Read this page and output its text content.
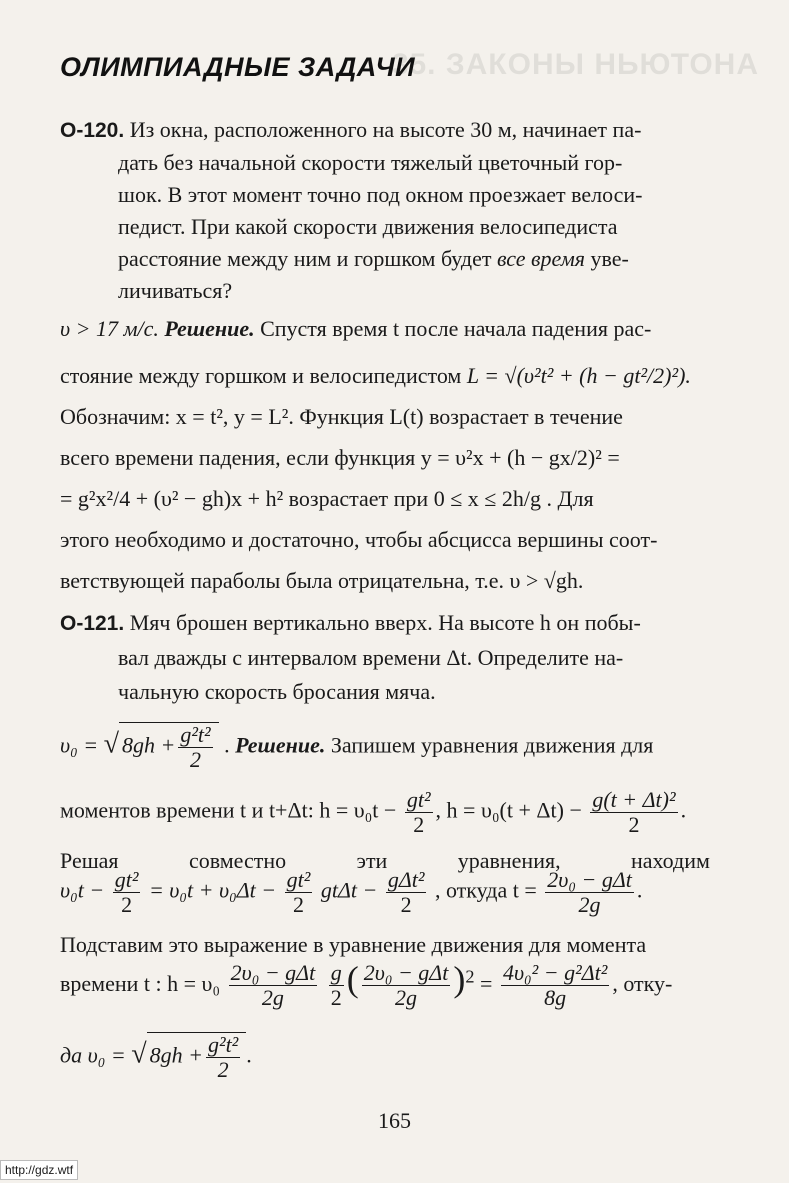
35. ЗАКОНЫ НЬЮТОНА
ОЛИМПИАДНЫЕ ЗАДАЧИ
О-120. Из окна, расположенного на высоте 30 м, начинает па-
дать без начальной скорости тяжелый цветочный гор-
шок. В этот момент точно под окном проезжает велоси-
педист. При какой скорости движения велосипедиста
расстояние между ним и горшком будет все время уве-
личиваться?
υ > 17 м/с. Решение. Спустя время t после начала падения рас-
стояние между горшком и велосипедистом L = √(υ²t² + (h − gt²/2)²).
Обозначим: x = t², y = L². Функция L(t) возрастает в течение
всего времени падения, если функция y = υ²x + (h − gx/2)² =
= g²x²/4 + (υ² − gh)x + h² возрастает при 0 ≤ x ≤ 2h/g . Для
этого необходимо и достаточно, чтобы абсцисса вершины соот-
ветствующей параболы была отрицательна, т.е. υ > √gh.
О-121. Мяч брошен вертикально вверх. На высоте h он побы-
вал дважды с интервалом времени Δt. Определите на-
чальную скорость бросания мяча.
υ₀ = √ $8gh + \frac{\text{g²t²}}{2}$ . Решение. Запишем уравнения движения для
моментов времени t и t+Δt: $h = \upsilon_0t - \frac{\text{gt²}}{2}$ , $h = \upsilon_0(t + \Delta t) - \frac{\text{g(t + Δt)²}}{2}$ .
Решая	совместно	эти	уравнения,	находим
$\upsilon_0t - \frac{\text{gt²}}{2} = \upsilon_0t + \upsilon_0\Delta t - \frac{\text{gt²}}{2}$ gtΔt − gΔt²
2
, откуда t = 2υ₀ − gΔt
2g
.
Подставим это выражение в уравнение движения для момента
времени t : h = υ₀ 2υ₀ − gΔt
2g
	$\frac{g}{2}$ ( 2υ₀ − gΔt
2g	)$^2 = \frac{\text{4υ₀² − g²Δt²}}{8g}$ , отку-
да υ₀ = √ $8gh + \frac{\text{g²t²}}{2}$ .
165
http://gdz.wtf
